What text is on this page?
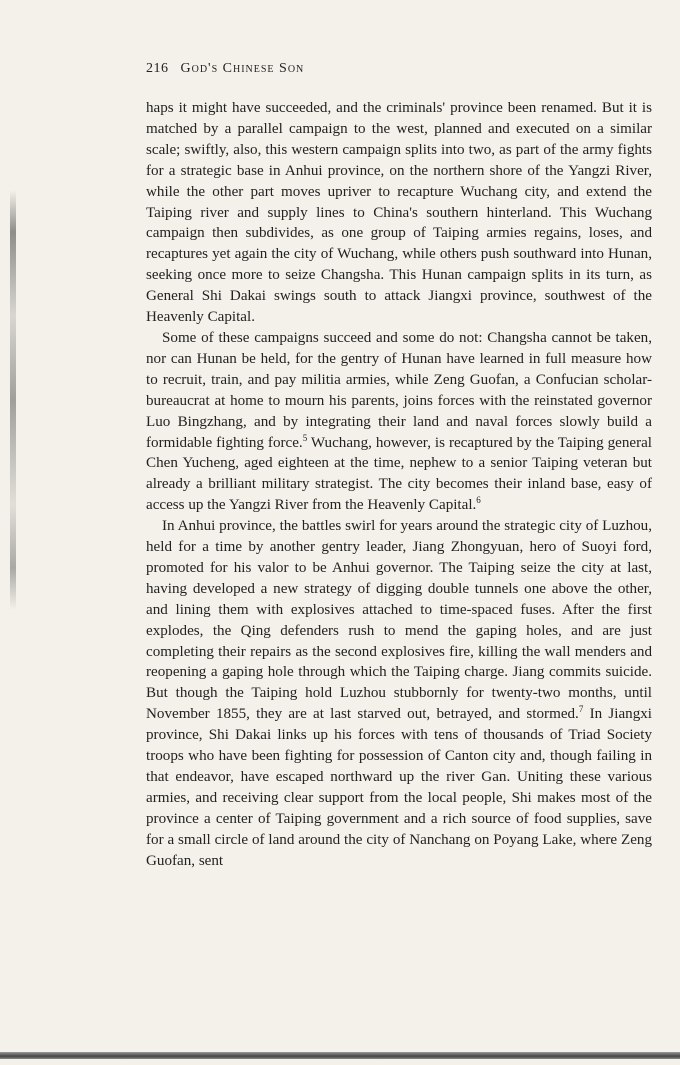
216 God's Chinese Son

haps it might have succeeded, and the criminals' province been renamed. But it is matched by a parallel campaign to the west, planned and executed on a similar scale; swiftly, also, this western campaign splits into two, as part of the army fights for a strategic base in Anhui province, on the northern shore of the Yangzi River, while the other part moves upriver to recapture Wuchang city, and extend the Taiping river and supply lines to China's southern hinterland. This Wuchang campaign then subdivides, as one group of Taiping armies regains, loses, and recaptures yet again the city of Wuchang, while others push southward into Hunan, seeking once more to seize Changsha. This Hunan campaign splits in its turn, as General Shi Dakai swings south to attack Jiangxi province, southwest of the Heavenly Capital.

Some of these campaigns succeed and some do not: Changsha cannot be taken, nor can Hunan be held, for the gentry of Hunan have learned in full measure how to recruit, train, and pay militia armies, while Zeng Guofan, a Confucian scholar-bureaucrat at home to mourn his parents, joins forces with the reinstated governor Luo Bingzhang, and by integrating their land and naval forces slowly build a formidable fighting force.$^5$ Wuchang, however, is recaptured by the Taiping general Chen Yucheng, aged eighteen at the time, nephew to a senior Taiping veteran but already a brilliant military strategist. The city becomes their inland base, easy of access up the Yangzi River from the Heavenly Capital.$^6$

In Anhui province, the battles swirl for years around the strategic city of Luzhou, held for a time by another gentry leader, Jiang Zhongyuan, hero of Suoyi ford, promoted for his valor to be Anhui governor. The Taiping seize the city at last, having developed a new strategy of digging double tunnels one above the other, and lining them with explosives attached to time-spaced fuses. After the first explodes, the Qing defenders rush to mend the gaping holes, and are just completing their repairs as the second explosives fire, killing the wall menders and reopening a gaping hole through which the Taiping charge. Jiang commits suicide. But though the Taiping hold Luzhou stubbornly for twenty-two months, until November 1855, they are at last starved out, betrayed, and stormed.$^7$ In Jiangxi province, Shi Dakai links up his forces with tens of thousands of Triad Society troops who have been fighting for possession of Canton city and, though failing in that endeavor, have escaped northward up the river Gan. Uniting these various armies, and receiving clear support from the local people, Shi makes most of the province a center of Taiping government and a rich source of food supplies, save for a small circle of land around the city of Nanchang on Poyang Lake, where Zeng Guofan, sent
